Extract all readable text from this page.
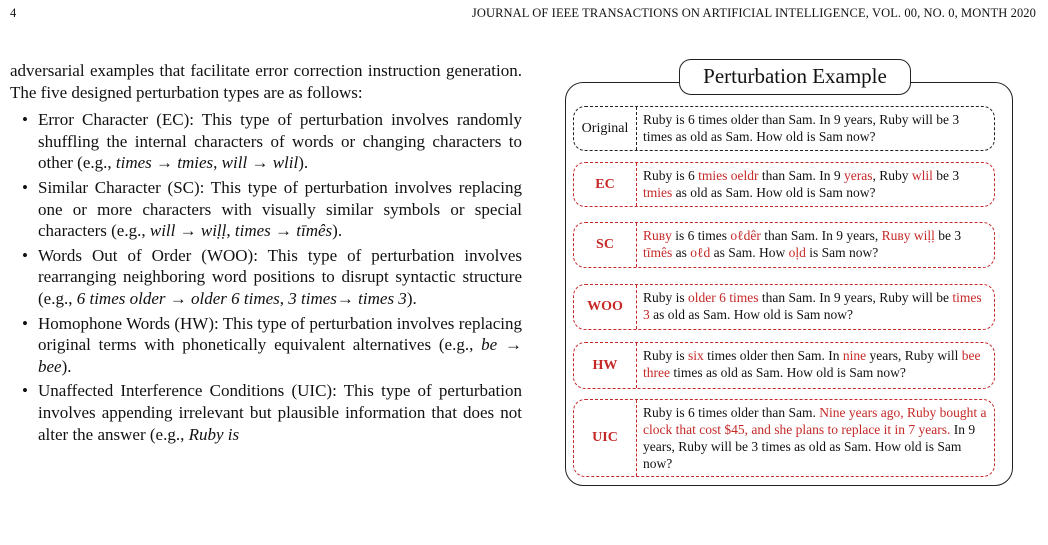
4	JOURNAL OF IEEE TRANSACTIONS ON ARTIFICIAL INTELLIGENCE, VOL. 00, NO. 0, MONTH 2020

adversarial examples that facilitate error correction instruction generation. The five designed perturbation types are as follows:

• Error Character (EC): This type of perturbation involves randomly shuffling the internal characters of words or changing characters to other (e.g., times → tmies, will → wlil).
• Similar Character (SC): This type of perturbation involves replacing one or more characters with visually similar symbols or special characters (e.g., will → wiḷḷ, times → tīmês).
• Words Out of Order (WOO): This type of perturbation involves rearranging neighboring word positions to disrupt syntactic structure (e.g., 6 times older → older 6 times, 3 times→ times 3).
• Homophone Words (HW): This type of perturbation involves replacing original terms with phonetically equivalent alternatives (e.g., be → bee).
• Unaffected Interference Conditions (UIC): This type of perturbation involves appending irrelevant but plausible information that does not alter the answer (e.g., Ruby is
Perturbation Example
Original
Ruby is 6 times older than Sam. In 9 years, Ruby will be 3 times as old as Sam. How old is Sam now?
EC
Ruby is 6 tmies oeldr than Sam. In 9 yeras, Ruby wlil be 3 tmies as old as Sam. How old is Sam now?
SC
Ruвy is 6 times oℓdêr than Sam. In 9 years, Ruвy wiḷḷ be 3 tīmês as oℓd as Sam. How oḷd is Sam now?
WOO
Ruby is older 6 times than Sam. In 9 years, Ruby will be times 3 as old as Sam. How old is Sam now?
HW
Ruby is six times older then Sam. In nine years, Ruby will bee three times as old as Sam. How old is Sam now?
UIC
Ruby is 6 times older than Sam. Nine years ago, Ruby bought a clock that cost $45, and she plans to replace it in 7 years. In 9 years, Ruby will be 3 times as old as Sam. How old is Sam now?
